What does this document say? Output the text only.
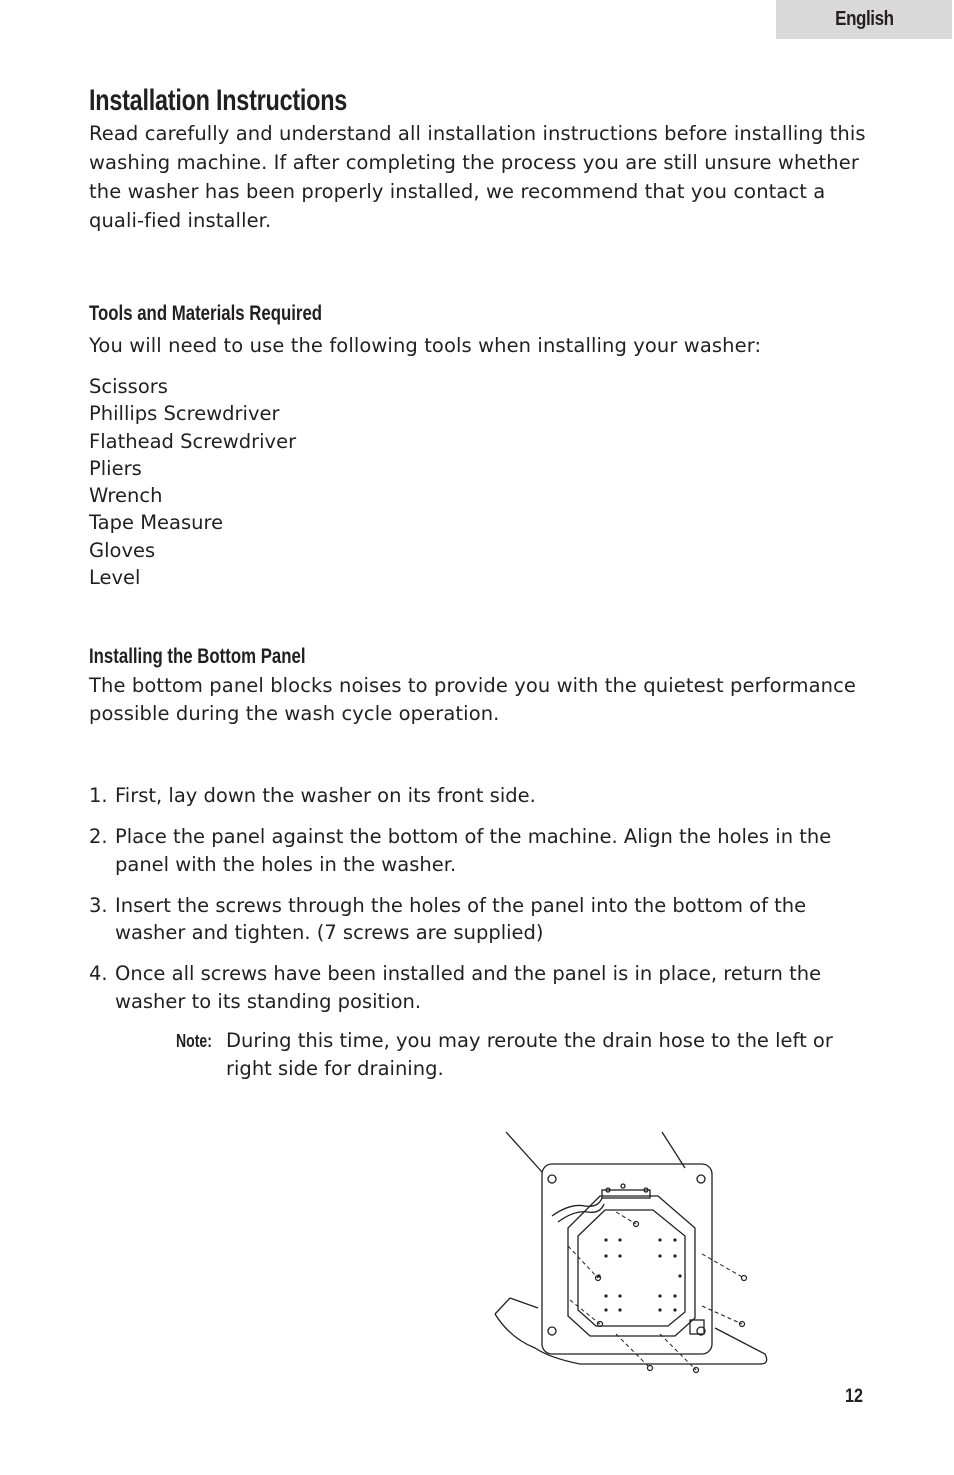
English
Installation Instructions

Read carefully and understand all installation instructions before installing this washing machine. If after completing the process you are still unsure whether the washer has been properly installed, we recommend that you contact a quali-fied installer.

Tools and Materials Required

You will need to use the following tools when installing your washer:

Scissors
Phillips Screwdriver
Flathead Screwdriver
Pliers
Wrench
Tape Measure
Gloves
Level
Installing the Bottom Panel

The bottom panel blocks noises to provide you with the quietest performance possible during the wash cycle operation.

1. First, lay down the washer on its front side.
2. Place the panel against the bottom of the machine. Align the holes in the panel with the holes in the washer.
3. Insert the screws through the holes of the panel into the bottom of the washer and tighten. (7 screws are supplied)
4. Once all screws have been installed and the panel is in place, return the washer to its standing position.
Note: During this time, you may reroute the drain hose to the left or right side for draining.
12
